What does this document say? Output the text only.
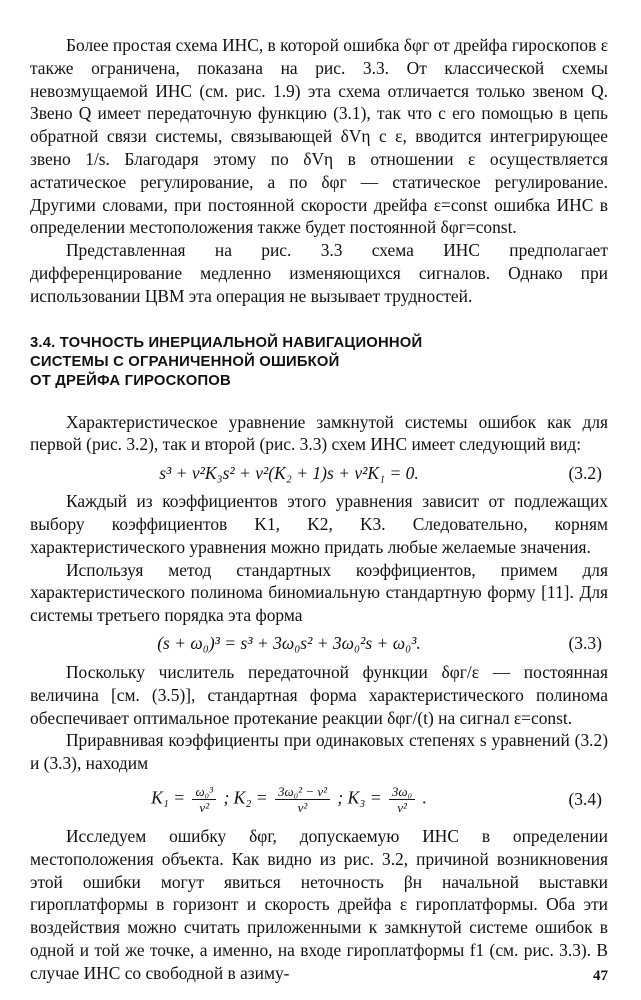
Более простая схема ИНС, в которой ошибка δφг от дрейфа гироскопов ε также ограничена, показана на рис. 3.3. От классической схемы невозмущаемой ИНС (см. рис. 1.9) эта схема отличается только звеном Q. Звено Q имеет передаточную функцию (3.1), так что с его помощью в цепь обратной связи системы, связывающей δVη с ε, вводится интегрирующее звено 1/s. Благодаря этому по δVη в отношении ε осуществляется астатическое регулирование, а по δφг — статическое регулирование. Другими словами, при постоянной скорости дрейфа ε=const ошибка ИНС в определении местоположения также будет постоянной δφг=const.

Представленная на рис. 3.3 схема ИНС предполагает дифференцирование медленно изменяющихся сигналов. Однако при использовании ЦВМ эта операция не вызывает трудностей.

3.4. ТОЧНОСТЬ ИНЕРЦИАЛЬНОЙ НАВИГАЦИОННОЙ
СИСТЕМЫ С ОГРАНИЧЕННОЙ ОШИБКОЙ
ОТ ДРЕЙФА ГИРОСКОПОВ

Характеристическое уравнение замкнутой системы ошибок как для первой (рис. 3.2), так и второй (рис. 3.3) схем ИНС имеет следующий вид:

s³ + ν²K₃s² + ν²(K₂ + 1)s + ν²K₁ = 0.	(3.2)

Каждый из коэффициентов этого уравнения зависит от подлежащих выбору коэффициентов K1, K2, K3. Следовательно, корням характеристического уравнения можно придать любые желаемые значения.

Используя метод стандартных коэффициентов, примем для характеристического полинома биномиальную стандартную форму [11]. Для системы третьего порядка эта форма

(s + ω₀)³ = s³ + 3ω₀s² + 3ω₀²s + ω₀³.	(3.3)

Поскольку числитель передаточной функции δφг/ε — постоянная величина [см. (3.5)], стандартная форма характеристического полинома обеспечивает оптимальное протекание реакции δφг/(t) на сигнал ε=const.

Приравнивая коэффициенты при одинаковых степенях s уравнений (3.2) и (3.3), находим

$K_1 = \frac{\text{ω₀³}}{\text{ν²}}$ ; $K_2 = \frac{\text{3ω₀² − ν²}}{\text{ν²}}$ ; $K_3 = \frac{\text{3ω₀}}{\text{ν²}}$ .	(3.4)

Исследуем ошибку δφг, допускаемую ИНС в определении местоположения объекта. Как видно из рис. 3.2, причиной возникновения этой ошибки могут явиться неточность βн начальной выставки гироплатформы в горизонт и скорость дрейфа ε гироплатформы. Оба эти воздействия можно считать приложенными к замкнутой системе ошибок в одной и той же точке, а именно, на входе гироплатформы f1 (см. рис. 3.3). В случае ИНС со свободной в азиму-	47
